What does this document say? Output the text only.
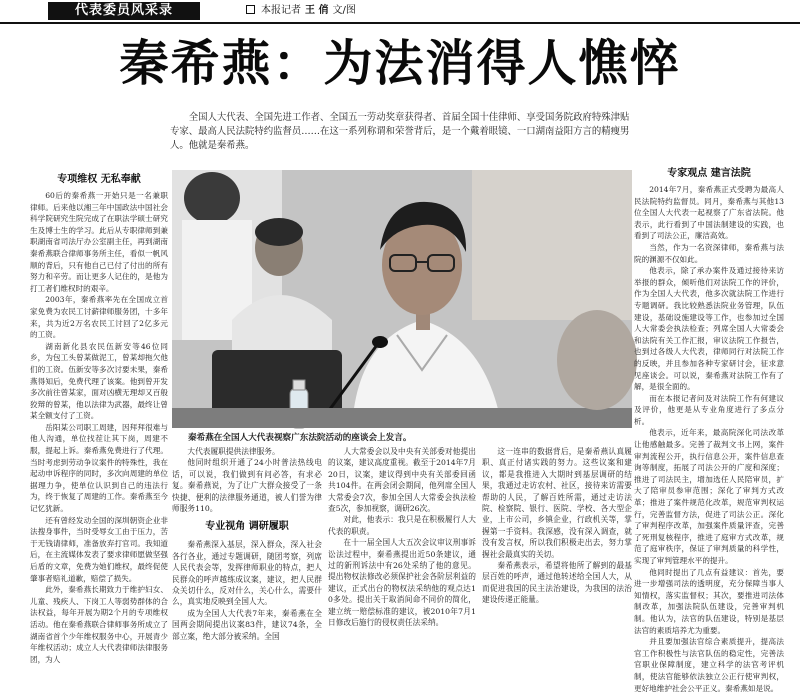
代表委员风采录	本报记者 王 俏 文/图
秦希燕：为法消得人憔悴

全国人大代表、全国先进工作者、全国五一劳动奖章获得者、首届全国十佳律师、享受国务院政府特殊津贴专家、最高人民法院特约监督员……在这一系列称谓和荣誉背后，是一个戴着眼镜、一口湖南益阳方言的精瘦男人。他就是秦希燕。

专项维权 无私奉献

60后的秦希燕一开始只是一名兼职律师。后来他以湘三年中国政法中国社会科学院研究生院完成了在职法学硕士研究生及博士生的学习。此后从专职律师到兼职湖南省司法厅办公室副主任，再到湖南秦希燕联合律师事务所主任，看似一帆风顺的背后，只有他自己已付了付出的所有努力和辛劳。而让更多人记住的，是他为打工者们维权时的艰辛。

2003年，秦希燕率先在全国成立首家免费为农民工讨薪律师服务团，十多年来，共为近2万名农民工讨回了2亿多元的工资。

湖南新化县农民伍新安等46位同乡，为包工头曾某做泥工，曾某却拖欠他们的工资。伍新安等多次讨要未果，秦希燕得知后，免费代理了该案。他到曾开发多次前往曾某家，面对凶横无理却又百般狡辩的曾某，他以法律为武器，最终让曾某全额支付了工资。

岳阳某公司职工周建，因拜拜很难与他人沟通，单位找茬让其下岗，周建不服，提起上诉。秦希燕免费进行了代理。当时考虑到劳动争议案件的特殊性，我在起动申诉程序的同时，多次向周建的单位据理力争，使单位认识到自己的违法行为，终于恢复了周建的工作。秦希燕至今记忆犹新。

还有曾经发动全国的深圳朝资企业非法搜身事件，当时受辱女工由于压力，苦于无钱请律师，准备放弃打官司。我知道后，在主流媒体发表了要求律师愿做坚强后盾的文章，免费为她们维权，最终促使肇事者赔礼道歉，赔偿了损失。

此外，秦希燕长期致力于维护妇女、儿童、残疾人、下岗工人等弱势群体的合法权益，每年开展为期2个月的专项维权活动。他在秦希燕联合律师事务所成立了湖南省首个少年维权服务中心，开展青少年维权活动；成立人大代表律师法律服务团，为人

秦希燕在全国人大代表视察广东法院活动的座谈会上发言。

大代表履职提供法律服务。

他同时组织开通了24小时普法热线电话，可以说，我们做到有问必答，有求必复。秦希燕说，为了让广大群众接受了一条快捷、便利的法律服务通道，被人们誉为律师服务110。

专业视角 调研履职

秦希燕深入基层，深入群众，深入社会各行各业，通过专题调研，随团考察，列席人民代表会等，发挥律师职业的特点，把人民群众的呼声越练成议案，建议，把人民群众关切什么，反对什么，关心什么，需要什么，真实地反映到全国人大。

成为全国人大代表7年来，秦希燕在全国两会期间提出议案83件，建议74条，全部立案，绝大部分被采纳。全国

人大常委会以及中央有关部委对他提出的议案，建议高度重视。截至于2014年7月20日，议案，建议得到中央有关部委回函共104件。在两会闭会期间，他列席全国人大常委会7次，参加全国人大常委会执法检查5次，参加视察，调研26次。

对此，他表示：我只是在积极履行人大代表的职责。

在十一届全国人大五次会议审议刑事诉讼法过程中，秦希燕提出近50条建议，通过的新刑诉法中有26处采纳了他的意见。提出物权法修改必须保护社会各阶层利益的建议，正式出台的物权法采纳他的观点达10多处。提出关于取消间命不同价的简化，建立统一赔偿标准的建议，被2010年7月1日修改后施行的侵权责任法采纳。

这一连串的数据背后，是秦希燕认真履职、真正付诸实践的努力。这些议案和建议，都是我推进入大期时到基层调研的结果，我通过走访农村、社区，接待来访需要帮助的人民，了解百姓所需，通过走访法院、检察院、银行、医院、学校、各大型企业，上市公司，乡镇企业，行政机关等，掌握第一手资料。我深感，没有深入调查，就没有发言权，所以我们积极走出去，努力掌握社会最真实的关切。

秦希燕表示，希望将他所了解到的最基层百姓的呼声，通过他转述给全国人大，从而促进我国的民主法治建设，为我国的法治建设传递正能量。

专家观点 建言法院

2014年7月，秦希燕正式受聘为最高人民法院特约监督员。同月，秦希燕与其他13位全国人大代表一起视察了广东省法院。他表示，此行看到了中国法制建设的实践，也看到了司法公正，廉洁高效。

当然，作为一名资深律师，秦希燕与法院的渊源不仅如此。

他表示，除了承办案件及通过接待来访举报的群众，倾听他们对法院工作的评价，作为全国人大代表，他多次就法院工作进行专题调研。我比较熟悉法院业务管理，队伍建设，基础设施建设等工作，也参加过全国人大常委会执法检查；列席全国人大常委会和法院有关工作汇报，审议法院工作报告，也到过各级人大代表，律师同行对法院工作的反映，并且参加各种专家研讨会，征求意见座谈会。可以说，秦希燕对法院工作有了解，是很全面的。

而在本报记者问及对法院工作有何建议及评价，他更是从专业角度进行了多点分析。

他表示，近年来，最高院深化司法改革让他感触最多。完善了裁判文书上网，案件审判流程公开，执行信息公开，案件信息查询等制度，拓展了司法公开的广度和深度；推进了司法民主，增加选任人民陪审员，扩大了陪审员参审范围；深化了审判方式改革；推进了案件规范化改革，规范审判权运行，完善监督方法，促进了司法公正。深化了审判程序改革，加强案件质量评查，完善了死刑复核程序，推进了庭审方式改革，规范了庭审秩序，保证了审判质量的科学性，实现了审判管理水平的提升。

他同时提出了几点有益建议：首先，要进一步增强司法的透明度，充分保障当事人知情权，落实监督权；其次，要推进司法体制改革，加强法院队伍建设，完善审判机制。他认为，法官的队伍建设，特别是基层法官的素质培养尤为重要。

并且要加强法官综合素质提升，提高法官工作积极性与法官队伍的稳定性，完善法官职业保障制度，建立科学的法官考评机制，使法官能够依法独立公正行使审判权，更好地维护社会公平正义。秦希燕如是说。
